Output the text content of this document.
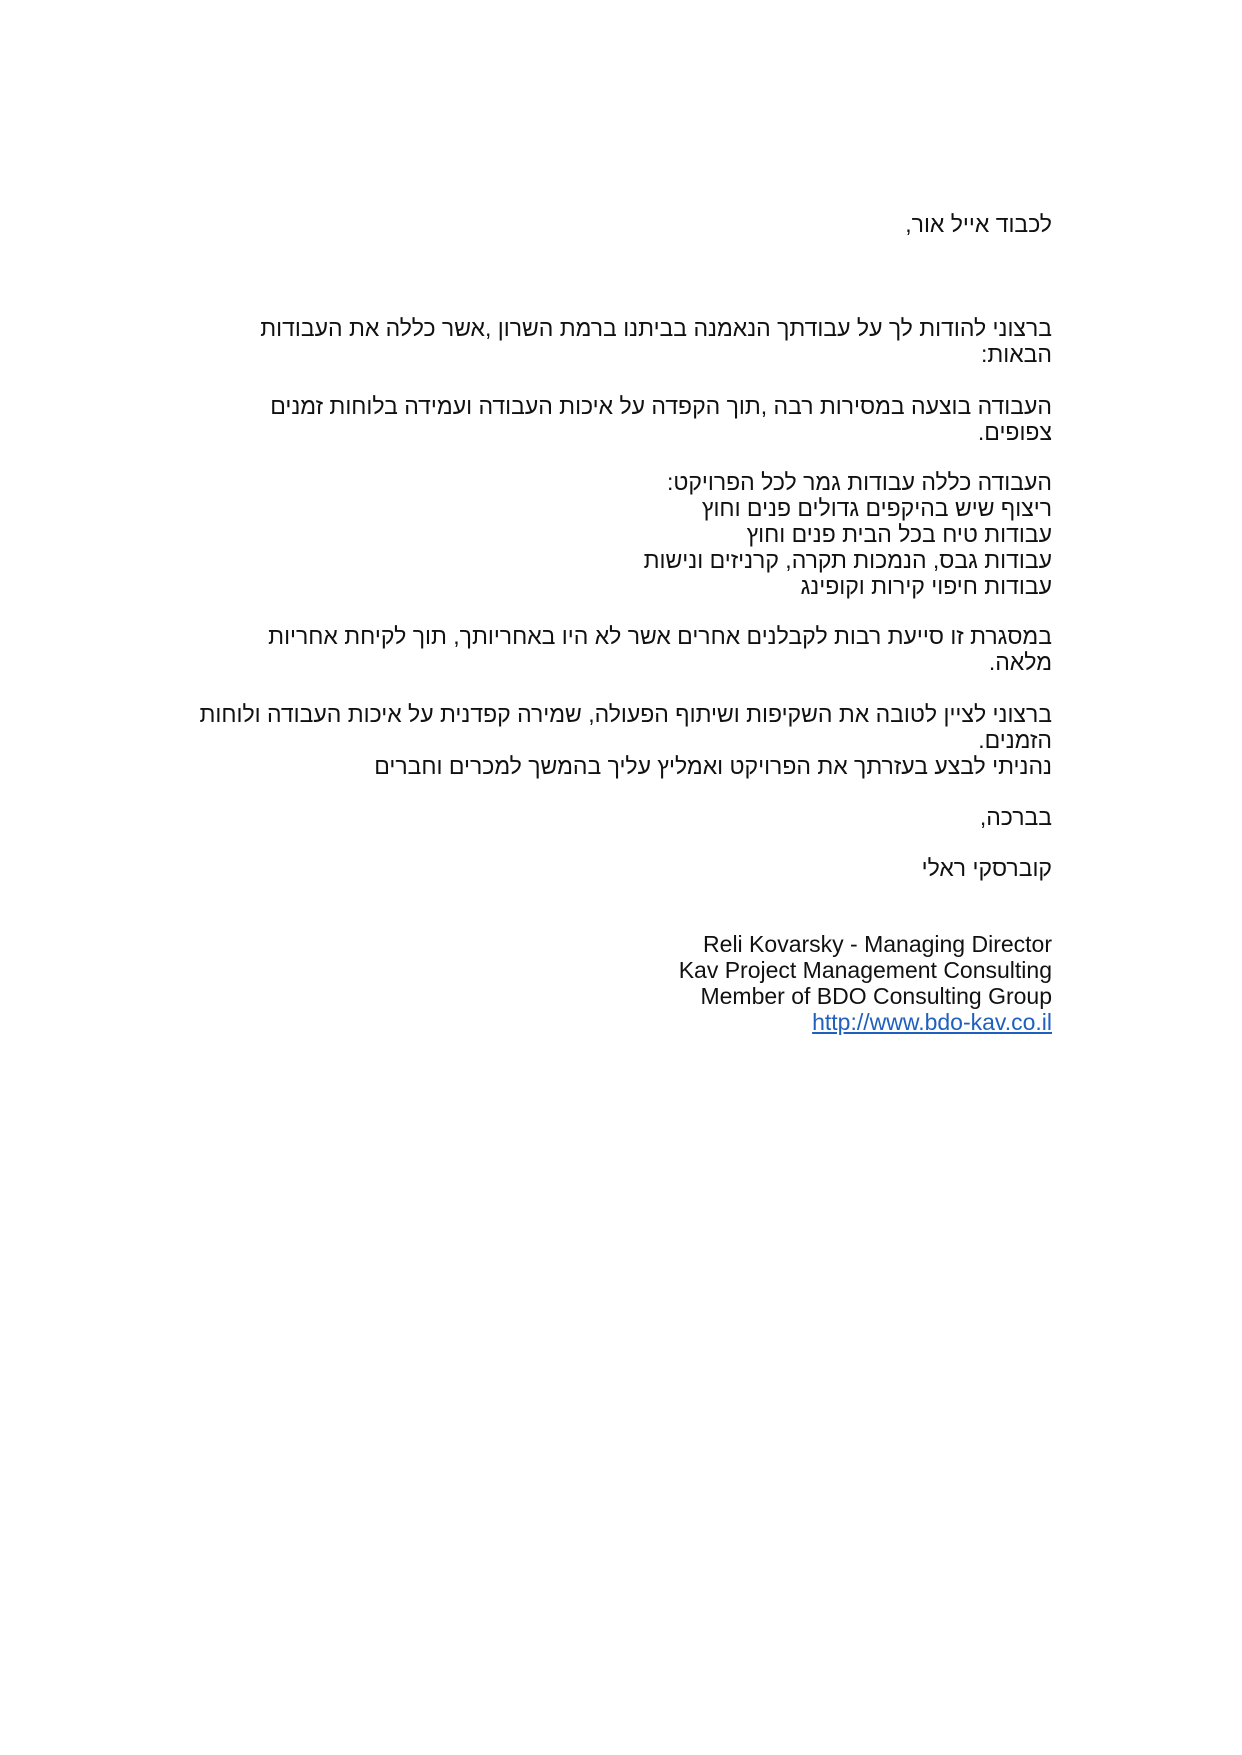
לכבוד אייל אור,
ברצוני להודות לך על עבודתך הנאמנה בביתנו ברמת השרון ,אשר כללה את העבודות
הבאות:
העבודה בוצעה במסירות רבה ,תוך הקפדה על איכות העבודה ועמידה בלוחות זמנים
צפופים.
העבודה כללה עבודות גמר לכל הפרויקט:
ריצוף שיש בהיקפים גדולים פנים וחוץ
עבודות טיח בכל הבית פנים וחוץ
עבודות גבס, הנמכות תקרה, קרניזים ונישות
עבודות חיפוי קירות וקופינג
במסגרת זו סייעת רבות לקבלנים אחרים אשר לא היו באחריותך, תוך לקיחת אחריות
מלאה.
ברצוני לציין לטובה את השקיפות ושיתוף הפעולה, שמירה קפדנית על איכות העבודה ולוחות
הזמנים.
נהניתי לבצע בעזרתך את הפרויקט ואמליץ עליך בהמשך למכרים וחברים
בברכה,
קוברסקי ראלי
Reli Kovarsky - Managing Director
Kav Project Management Consulting
Member of BDO Consulting Group
http://www.bdo-kav.co.il
